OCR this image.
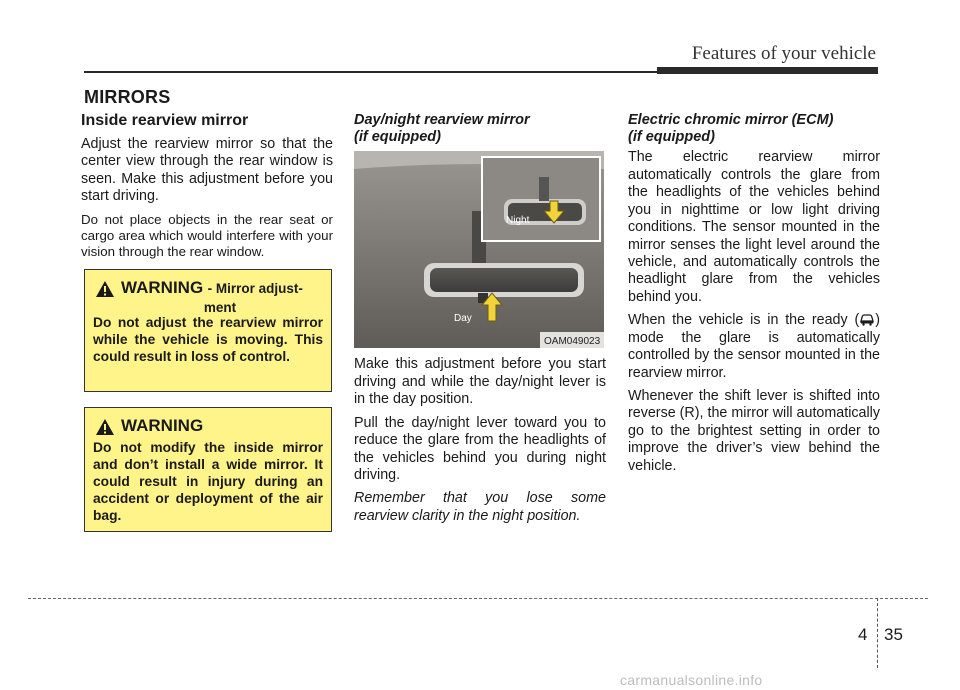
Features of your vehicle
MIRRORS
Inside rearview mirror

Adjust the rearview mirror so that the center view through the rear window is seen. Make this adjustment before you start driving.

Do not place objects in the rear seat or cargo area which would interfere with your vision through the rear window.

WARNING - Mirror adjust-
ment
Do not adjust the rearview mirror while the vehicle is moving. This could result in loss of control.
WARNING
Do not modify the inside mirror and don’t install a wide mirror. It could result in injury during an accident or deployment of the air bag.
Day/night rearview mirror
(if equipped)
Night
Day
OAM049023

Make this adjustment before you start driving and while the day/night lever is in the day position.

Pull the day/night lever toward you to reduce the glare from the headlights of the vehicles behind you during night driving.

Remember that you lose some rearview clarity in the night position.

Electric chromic mirror (ECM)
(if equipped)

The electric rearview mirror automatically controls the glare from the headlights of the vehicles behind you in nighttime or low light driving conditions. The sensor mounted in the mirror senses the light level around the vehicle, and automatically controls the headlight glare from the vehicles behind you.

When the vehicle is in the ready ( ) mode the glare is automatically controlled by the sensor mounted in the rearview mirror.

Whenever the shift lever is shifted into reverse (R), the mirror will automatically go to the brightest setting in order to improve the driver’s view behind the vehicle.

4 35
carmanualsonline.info
